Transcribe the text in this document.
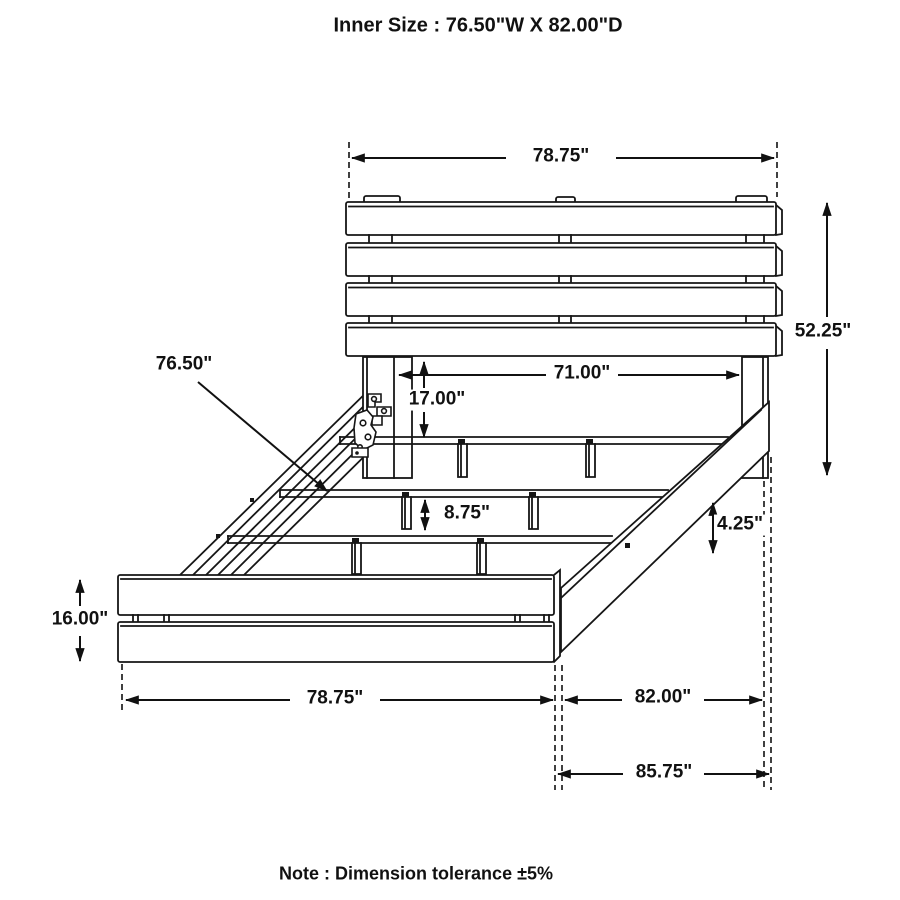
Inner Size : 76.50"W X 82.00"D
78.75"
52.25"
71.00"
17.00"
76.50"
8.75"
4.25"
16.00"
78.75"	82.00"
85.75"
Note : Dimension tolerance ±5%
